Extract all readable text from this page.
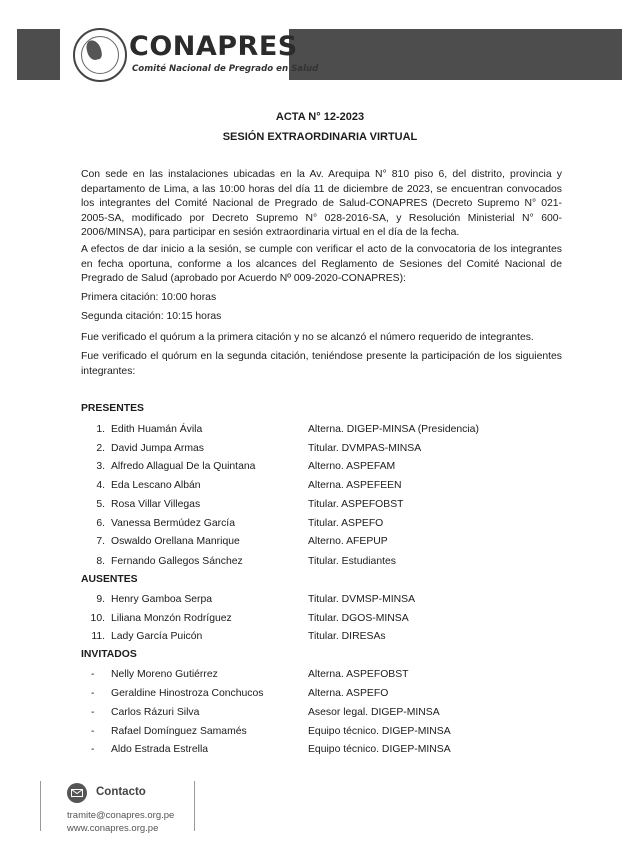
CONAPRES
Comité Nacional de Pregrado en Salud
ACTA N° 12-2023
SESIÓN EXTRAORDINARIA VIRTUAL

Con sede en las instalaciones ubicadas en la Av. Arequipa N° 810 piso 6, del distrito, provincia y departamento de Lima, a las 10:00 horas del día 11 de diciembre de 2023, se encuentran convocados los integrantes del Comité Nacional de Pregrado de Salud-CONAPRES (Decreto Supremo N° 021-2005-SA, modificado por Decreto Supremo N° 028-2016-SA, y Resolución Ministerial N° 600-2006/MINSA), para participar en sesión extraordinaria virtual en el día de la fecha.

A efectos de dar inicio a la sesión, se cumple con verificar el acto de la convocatoria de los integrantes en fecha oportuna, conforme a los alcances del Reglamento de Sesiones del Comité Nacional de Pregrado de Salud (aprobado por Acuerdo Nº 009-2020-CONAPRES):

Primera citación: 10:00 horas

Segunda citación: 10:15 horas

Fue verificado el quórum a la primera citación y no se alcanzó el número requerido de integrantes.

Fue verificado el quórum en la segunda citación, teniéndose presente la participación de los siguientes integrantes:

PRESENTES
1. Edith Huamán Ávila	Alterna. DIGEP-MINSA (Presidencia)
2. David Jumpa Armas	Titular. DVMPAS-MINSA
3. Alfredo Allagual De la Quintana	Alterno. ASPEFAM
4. Eda Lescano Albán	Alterna. ASPEFEEN
5. Rosa Villar Villegas	Titular. ASPEFOBST
6. Vanessa Bermúdez García	Titular. ASPEFO
7. Oswaldo Orellana Manrique	Alterno. AFEPUP
8. Fernando Gallegos Sánchez	Titular. Estudiantes
AUSENTES
9. Henry Gamboa Serpa	Titular. DVMSP-MINSA
10. Liliana Monzón Rodríguez	Titular. DGOS-MINSA
11. Lady García Puicón	Titular. DIRESAs
INVITADOS
- Nelly Moreno Gutiérrez	Alterna. ASPEFOBST
- Geraldine Hinostroza Conchucos	Alterna. ASPEFO
- Carlos Rázuri Silva	Asesor legal. DIGEP-MINSA
- Rafael Domínguez Samamés	Equipo técnico. DIGEP-MINSA
- Aldo Estrada Estrella	Equipo técnico. DIGEP-MINSA
Contacto
tramite@conapres.org.pe
www.conapres.org.pe
